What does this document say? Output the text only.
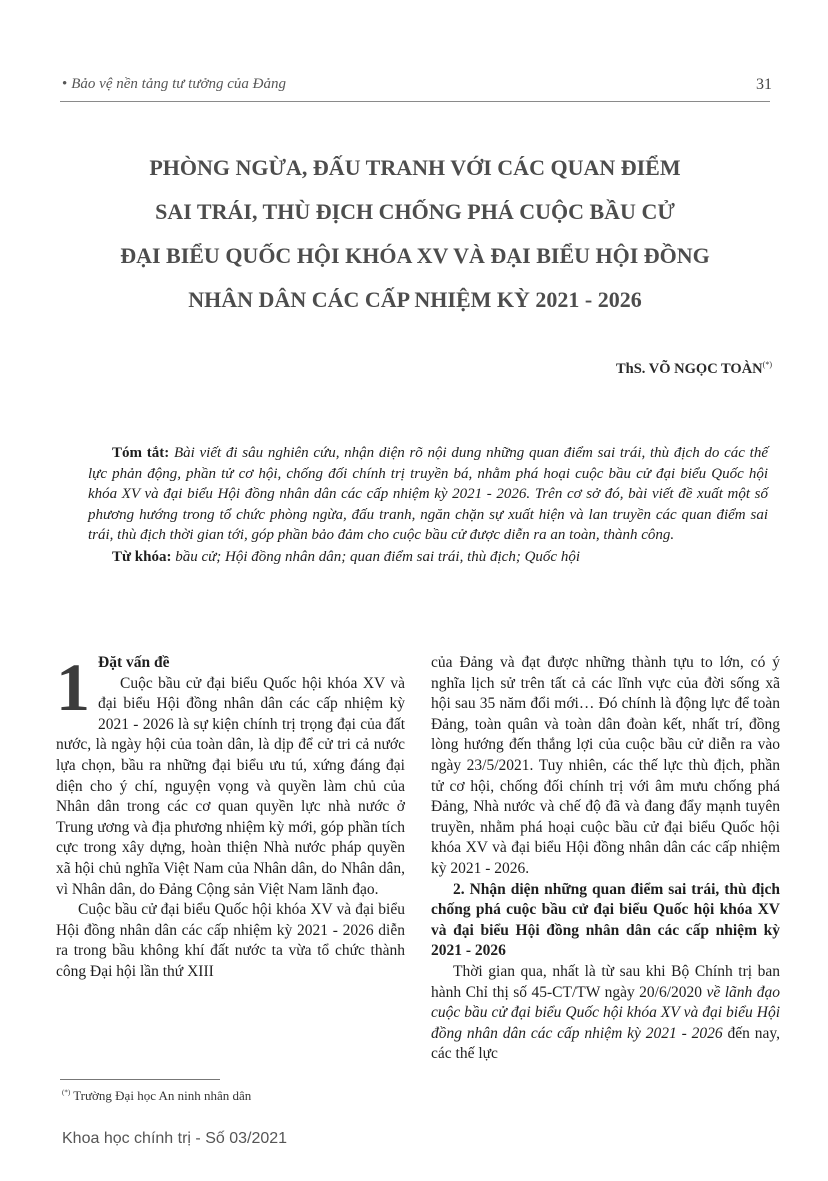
• Bảo vệ nền tảng tư tưởng của Đảng	31
PHÒNG NGỪA, ĐẤU TRANH VỚI CÁC QUAN ĐIỂM
SAI TRÁI, THÙ ĐỊCH CHỐNG PHÁ CUỘC BẦU CỬ
ĐẠI BIỂU QUỐC HỘI KHÓA XV VÀ ĐẠI BIỂU HỘI ĐỒNG
NHÂN DÂN CÁC CẤP NHIỆM KỲ 2021 - 2026
ThS. VÕ NGỌC TOÀN(*)

Tóm tắt: Bài viết đi sâu nghiên cứu, nhận diện rõ nội dung những quan điểm sai trái, thù địch do các thế lực phản động, phần tử cơ hội, chống đối chính trị truyền bá, nhằm phá hoại cuộc bầu cử đại biểu Quốc hội khóa XV và đại biểu Hội đồng nhân dân các cấp nhiệm kỳ 2021 - 2026. Trên cơ sở đó, bài viết đề xuất một số phương hướng trong tổ chức phòng ngừa, đấu tranh, ngăn chặn sự xuất hiện và lan truyền các quan điểm sai trái, thù địch thời gian tới, góp phần bảo đảm cho cuộc bầu cử được diễn ra an toàn, thành công.

Từ khóa: bầu cử; Hội đồng nhân dân; quan điểm sai trái, thù địch; Quốc hội

1 Đặt vấn đề

Cuộc bầu cử đại biểu Quốc hội khóa XV và đại biểu Hội đồng nhân dân các cấp nhiệm kỳ 2021 - 2026 là sự kiện chính trị trọng đại của đất nước, là ngày hội của toàn dân, là dịp để cử tri cả nước lựa chọn, bầu ra những đại biểu ưu tú, xứng đáng đại diện cho ý chí, nguyện vọng và quyền làm chủ của Nhân dân trong các cơ quan quyền lực nhà nước ở Trung ương và địa phương nhiệm kỳ mới, góp phần tích cực trong xây dựng, hoàn thiện Nhà nước pháp quyền xã hội chủ nghĩa Việt Nam của Nhân dân, do Nhân dân, vì Nhân dân, do Đảng Cộng sản Việt Nam lãnh đạo.

Cuộc bầu cử đại biểu Quốc hội khóa XV và đại biểu Hội đồng nhân dân các cấp nhiệm kỳ 2021 - 2026 diễn ra trong bầu không khí đất nước ta vừa tổ chức thành công Đại hội lần thứ XIII

của Đảng và đạt được những thành tựu to lớn, có ý nghĩa lịch sử trên tất cả các lĩnh vực của đời sống xã hội sau 35 năm đổi mới… Đó chính là động lực để toàn Đảng, toàn quân và toàn dân đoàn kết, nhất trí, đồng lòng hướng đến thắng lợi của cuộc bầu cử diễn ra vào ngày 23/5/2021. Tuy nhiên, các thế lực thù địch, phần tử cơ hội, chống đối chính trị với âm mưu chống phá Đảng, Nhà nước và chế độ đã và đang đẩy mạnh tuyên truyền, nhằm phá hoại cuộc bầu cử đại biểu Quốc hội khóa XV và đại biểu Hội đồng nhân dân các cấp nhiệm kỳ 2021 - 2026.

2. Nhận diện những quan điểm sai trái, thù địch chống phá cuộc bầu cử đại biểu Quốc hội khóa XV và đại biểu Hội đồng nhân dân các cấp nhiệm kỳ 2021 - 2026

Thời gian qua, nhất là từ sau khi Bộ Chính trị ban hành Chỉ thị số 45-CT/TW ngày 20/6/2020 về lãnh đạo cuộc bầu cử đại biểu Quốc hội khóa XV và đại biểu Hội đồng nhân dân các cấp nhiệm kỳ 2021 - 2026 đến nay, các thế lực

(*) Trường Đại học An ninh nhân dân
Khoa học chính trị - Số 03/2021
